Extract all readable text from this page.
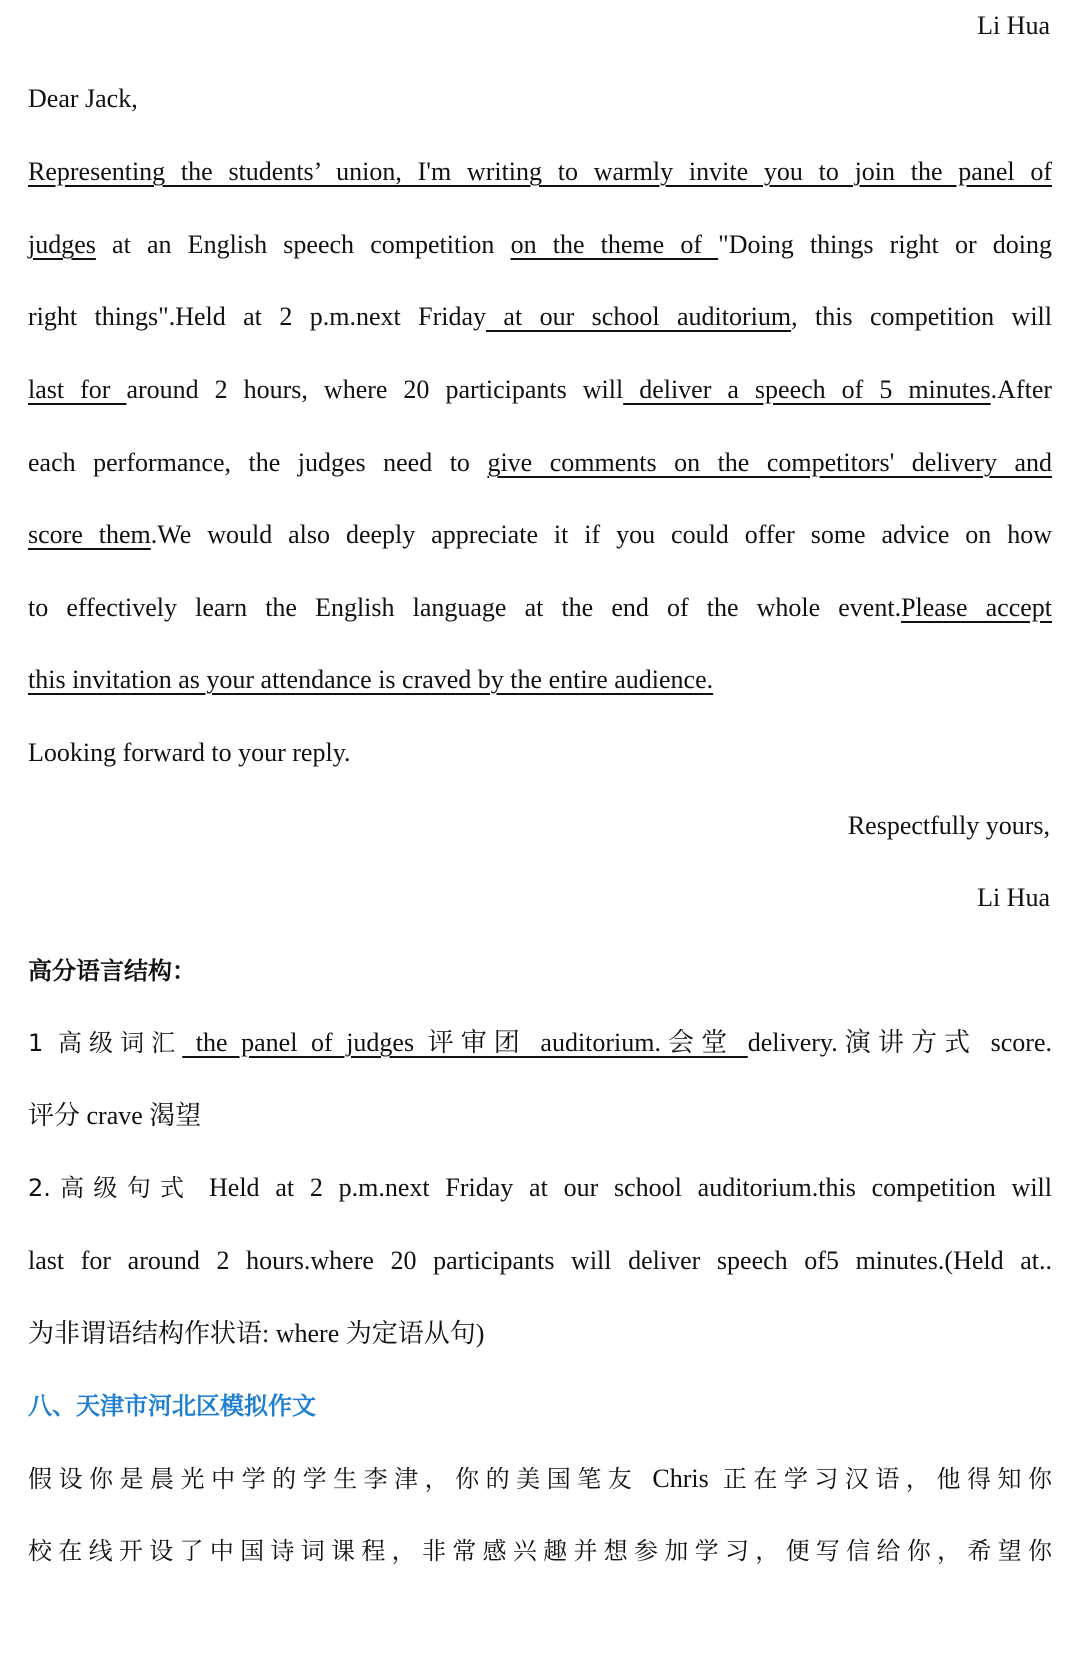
Li Hua
Dear Jack,
Representing the students’ union, I'm writing to warmly invite you to join the panel of
judges at an English speech competition on the theme of "Doing things right or doing
right things".Held at 2 p.m.next Friday at our school auditorium, this competition will
last for around 2 hours, where 20 participants will deliver a speech of 5 minutes.After
each performance, the judges need to give comments on the competitors' delivery and
score them.We would also deeply appreciate it if you could offer some advice on how
to effectively learn the English language at the end of the whole event.Please accept
this invitation as your attendance is craved by the entire audience.
Looking forward to your reply.
Respectfully yours,
Li Hua
高分语言结构：
1 高级词汇 the panel of judges 评审团 auditorium.会堂 delivery.演讲方式 score.
评分 crave 渴望
2.高级句式 Held at 2 p.m.next Friday at our school auditorium.this competition will
last for around 2 hours.where 20 participants will deliver speech of5 minutes.(Held at..
为非谓语结构作状语: where 为定语从句)
八、天津市河北区模拟作文
假设你是晨光中学的学生李津，你的美国笔友 Chris 正在学习汉语，他得知你
校在线开设了中国诗词课程，非常感兴趣并想参加学习，便写信给你，希望你
